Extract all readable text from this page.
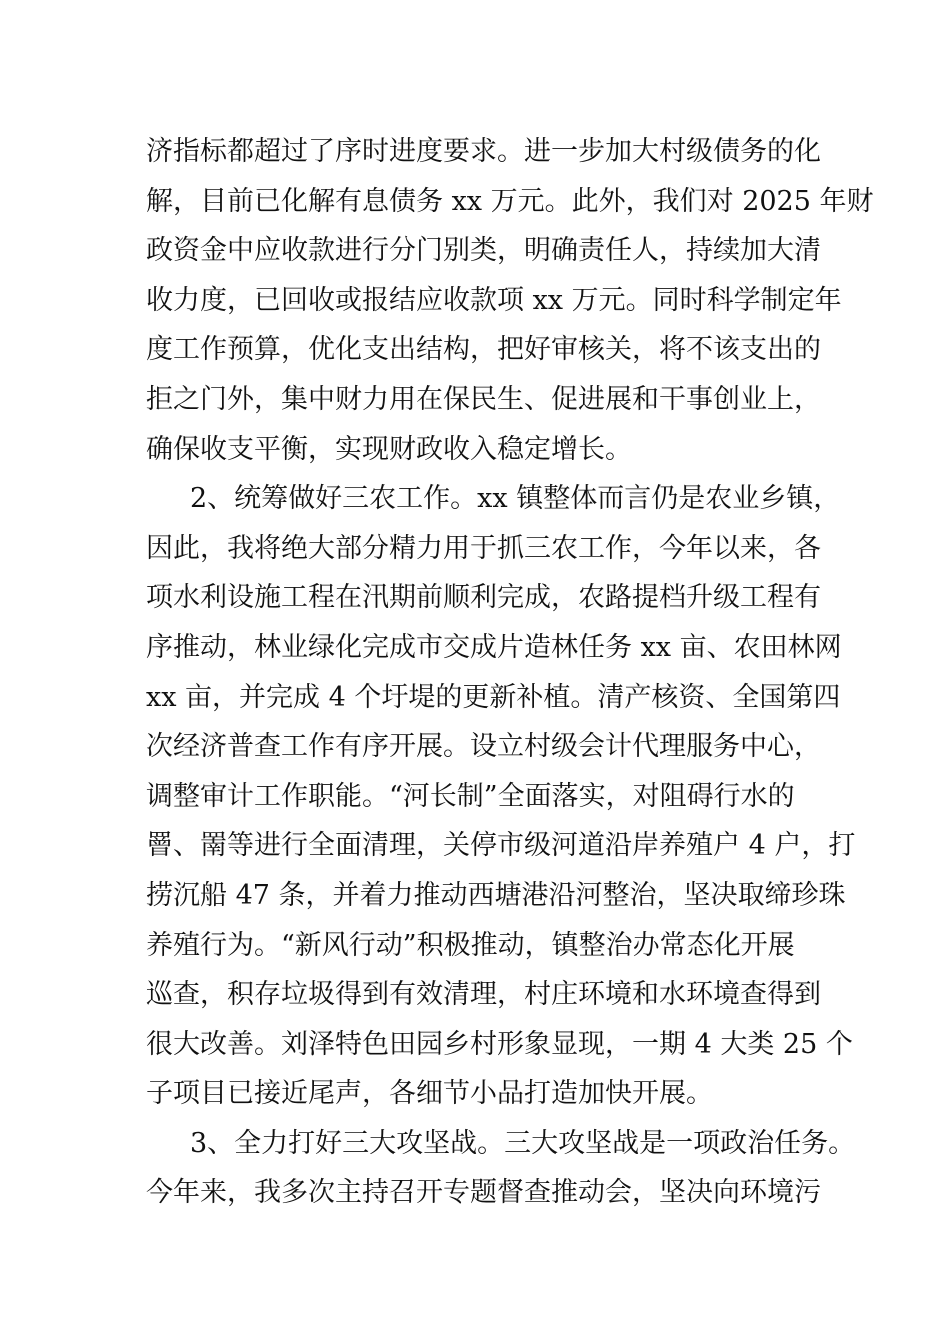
济指标都超过了序时进度要求。进一步加大村级债务的化
解，目前已化解有息债务 xx 万元。此外，我们对 2025 年财
政资金中应收款进行分门别类，明确责任人，持续加大清
收力度，已回收或报结应收款项 xx 万元。同时科学制定年
度工作预算，优化支出结构，把好审核关，将不该支出的
拒之门外，集中财力用在保民生、促进展和干事创业上，
确保收支平衡，实现财政收入稳定增长。
2、统筹做好三农工作。xx 镇整体而言仍是农业乡镇，
因此，我将绝大部分精力用于抓三农工作，今年以来，各
项水利设施工程在汛期前顺利完成，农路提档升级工程有
序推动，林业绿化完成市交成片造林任务 xx 亩、农田林网
xx 亩，并完成 4 个圩堤的更新补植。清产核资、全国第四
次经济普查工作有序开展。设立村级会计代理服务中心，
调整审计工作职能。“河长制”全面落实，对阻碍行水的
罾、罱等进行全面清理，关停市级河道沿岸养殖户 4 户，打
捞沉船 47 条，并着力推动西塘港沿河整治，坚决取缔珍珠
养殖行为。“新风行动”积极推动，镇整治办常态化开展
巡查，积存垃圾得到有效清理，村庄环境和水环境查得到
很大改善。刘泽特色田园乡村形象显现，一期 4 大类 25 个
子项目已接近尾声，各细节小品打造加快开展。
3、全力打好三大攻坚战。三大攻坚战是一项政治任务。
今年来，我多次主持召开专题督查推动会，坚决向环境污
